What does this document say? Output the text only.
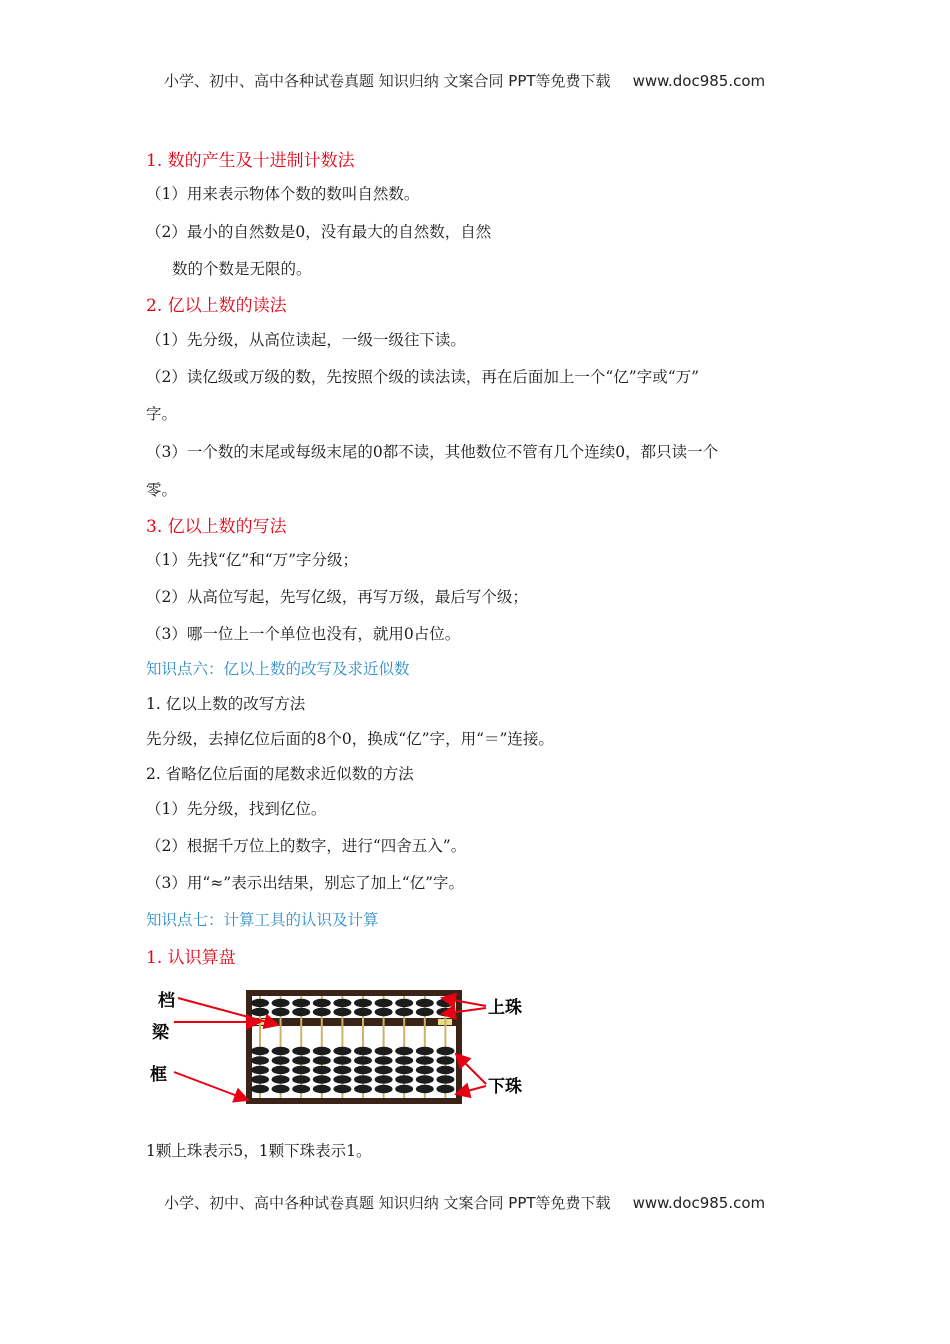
小学、初中、高中各种试卷真题 知识归纳 文案合同 PPT等免费下载 www.doc985.com
1. 数的产生及十进制计数法
（1）用来表示物体个数的数叫自然数。
（2）最小的自然数是0，没有最大的自然数，自然
数的个数是无限的。
2. 亿以上数的读法
（1）先分级，从高位读起，一级一级往下读。
（2）读亿级或万级的数，先按照个级的读法读，再在后面加上一个“亿”字或“万”
字。
（3）一个数的末尾或每级末尾的0都不读，其他数位不管有几个连续0，都只读一个
零。
3. 亿以上数的写法
（1）先找“亿”和“万”字分级；
（2）从高位写起，先写亿级，再写万级，最后写个级；
（3）哪一位上一个单位也没有，就用0占位。
知识点六：亿以上数的改写及求近似数
1. 亿以上数的改写方法
先分级，去掉亿位后面的8个0，换成“亿”字，用“＝”连接。
2. 省略亿位后面的尾数求近似数的方法
（1）先分级，找到亿位。
（2）根据千万位上的数字，进行“四舍五入”。
（3）用“≈”表示出结果，别忘了加上“亿”字。
知识点七：计算工具的认识及计算
1. 认识算盘
档
梁
框
上珠
下珠
1颗上珠表示5，1颗下珠表示1。
小学、初中、高中各种试卷真题 知识归纳 文案合同 PPT等免费下载 www.doc985.com
